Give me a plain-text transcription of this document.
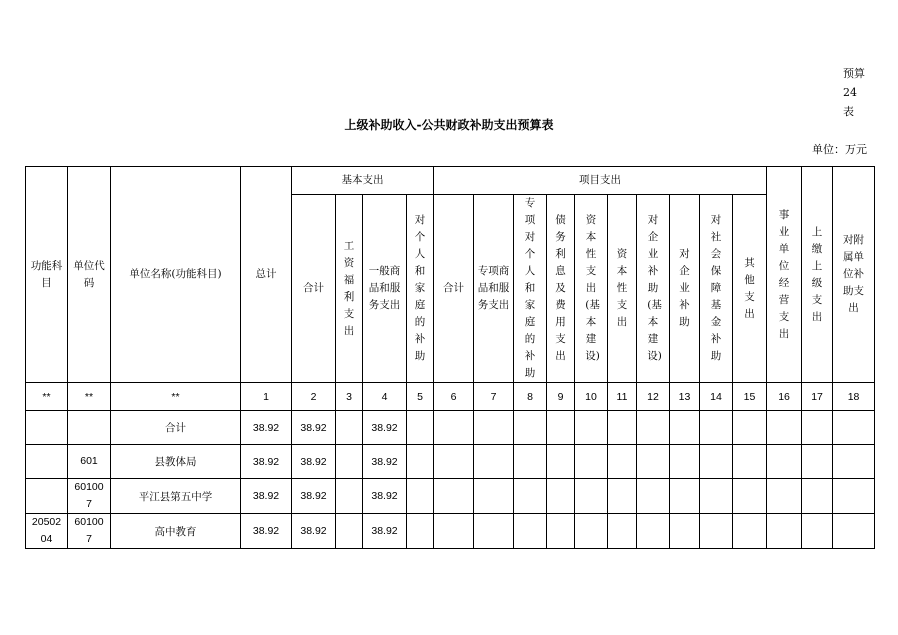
预算
24
表
上级补助收入-公共财政补助支出预算表
单位：万元
功能科目	单位代码	单位名称(功能科目)	总计	基本支出				项目支出										事业单位经营支出	上缴上级支出	对附属单位补助支出
				合计	工资福利支出	一般商品和服务支出	对个人和家庭的补助	合计	专项商品和服务支出	专项对个人和家庭的补助	债务利息及费用支出	资本性支出(基本建设)	资本性支出	对企业补助(基本建设)	对企业补助	对社会保障基金补助	其他支出			
**	**	**	1	2	3	4	5	6	7	8	9	10	11	12	13	14	15	16	17	18
		合计	38.92	38.92		38.92														
	601	县教体局	38.92	38.92		38.92														
	601007	平江县第五中学	38.92	38.92		38.92														
2050204	601007	高中教育	38.92	38.92		38.92														
